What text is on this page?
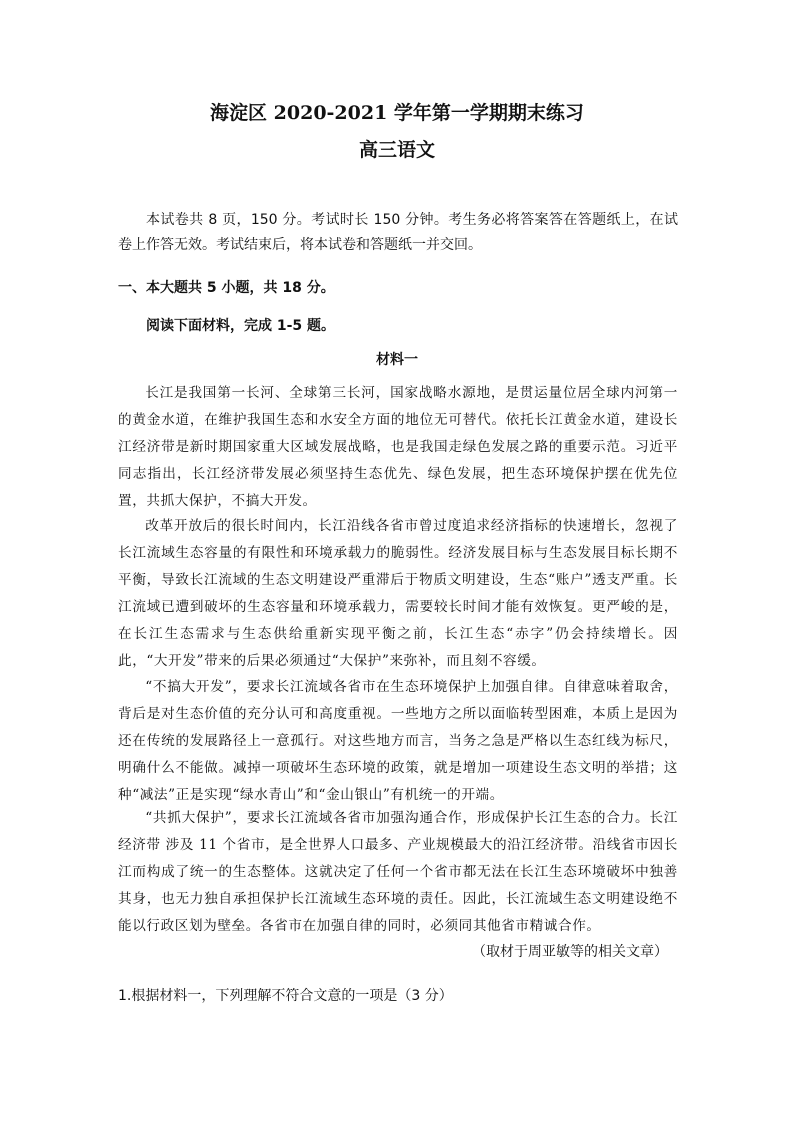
海淀区 2020-2021 学年第一学期期末练习
高三语文
本试卷共 8 页，150 分。考试时长 150 分钟。考生务必将答案答在答题纸上，在试卷上作答无效。考试结束后，将本试卷和答题纸一并交回。
一、本大题共 5 小题，共 18 分。
阅读下面材料，完成 1-5 题。
材料一
长江是我国第一长河、全球第三长河，国家战略水源地，是贯运量位居全球内河第一的黄金水道，在维护我国生态和水安全方面的地位无可替代。依托长江黄金水道，建设长江经济带是新时期国家重大区域发展战略，也是我国走绿色发展之路的重要示范。习近平同志指出，长江经济带发展必须坚持生态优先、绿色发展，把生态环境保护摆在优先位置，共抓大保护，不搞大开发。
改革开放后的很长时间内，长江沿线各省市曾过度追求经济指标的快速增长，忽视了长江流域生态容量的有限性和环境承载力的脆弱性。经济发展目标与生态发展目标长期不平衡，导致长江流域的生态文明建设严重滞后于物质文明建设，生态“账户”透支严重。长江流域已遭到破坏的生态容量和环境承载力，需要较长时间才能有效恢复。更严峻的是，在长江生态需求与生态供给重新实现平衡之前，长江生态“赤字”仍会持续增长。因此，“大开发”带来的后果必须通过“大保护”来弥补，而且刻不容缓。
“不搞大开发”，要求长江流域各省市在生态环境保护上加强自律。自律意味着取舍，背后是对生态价值的充分认可和高度重视。一些地方之所以面临转型困难，本质上是因为还在传统的发展路径上一意孤行。对这些地方而言，当务之急是严格以生态红线为标尺，明确什么不能做。减掉一项破坏生态环境的政策，就是增加一项建设生态文明的举措；这种“减法”正是实现“绿水青山”和“金山银山”有机统一的开端。
“共抓大保护”，要求长江流域各省市加强沟通合作，形成保护长江生态的合力。长江经济带 涉及 11 个省市，是全世界人口最多、产业规模最大的沿江经济带。沿线省市因长江而构成了统一的生态整体。这就决定了任何一个省市都无法在长江生态环境破坏中独善其身，也无力独自承担保护长江流域生态环境的责任。因此，长江流域生态文明建设绝不能以行政区划为壁垒。各省市在加强自律的同时，必须同其他省市精诚合作。
（取材于周亚敏等的相关文章）
1.根据材料一，下列理解不符合文意的一项是（3 分）
